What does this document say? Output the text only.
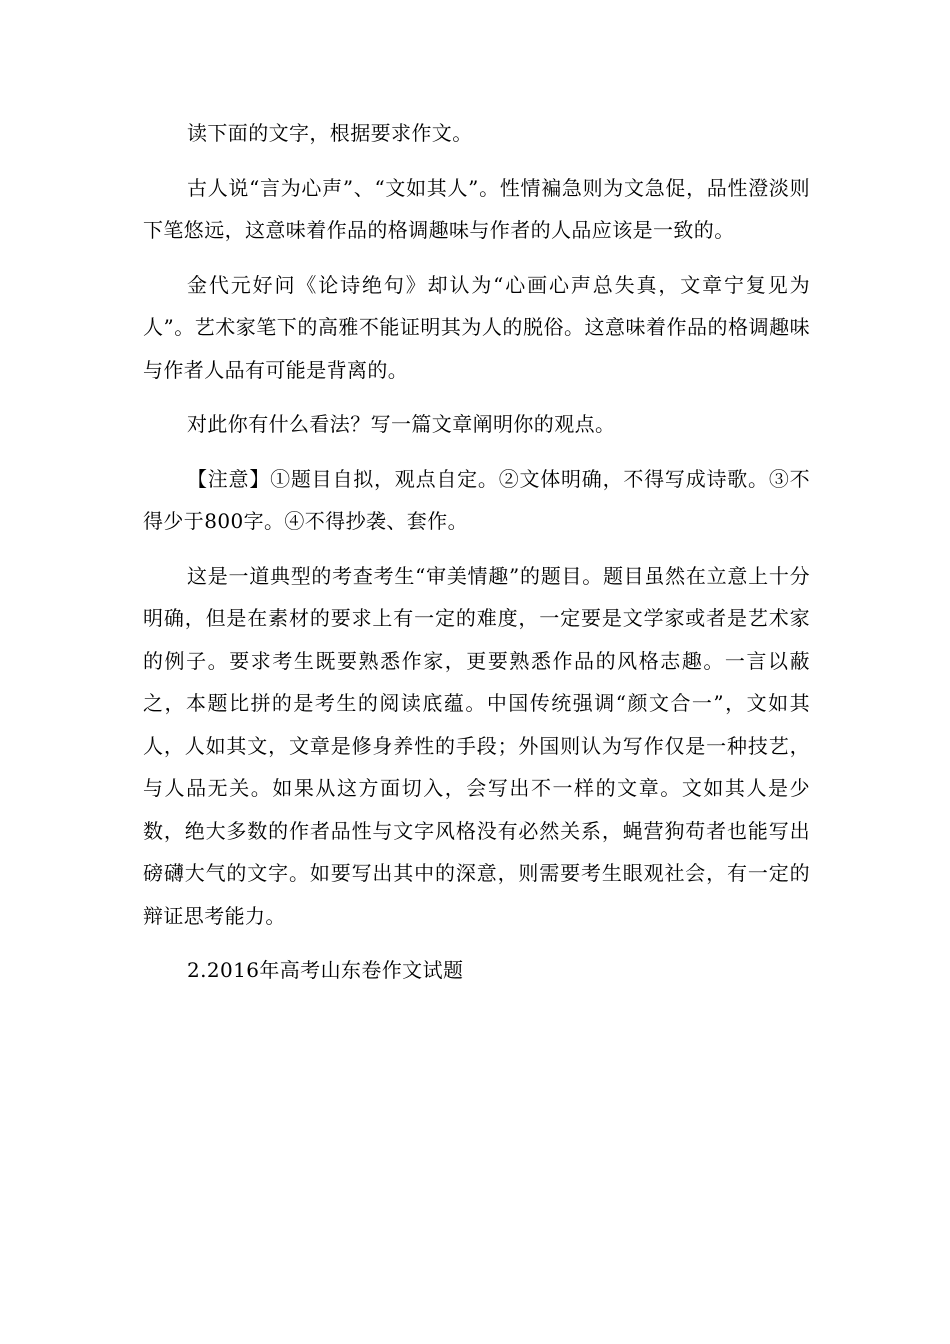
读下面的文字，根据要求作文。

古人说“言为心声”、“文如其人”。性情褊急则为文急促，品性澄淡则下笔悠远，这意味着作品的格调趣味与作者的人品应该是一致的。

金代元好问《论诗绝句》却认为“心画心声总失真，文章宁复见为人”。艺术家笔下的高雅不能证明其为人的脱俗。这意味着作品的格调趣味与作者人品有可能是背离的。

对此你有什么看法？写一篇文章阐明你的观点。

【注意】①题目自拟，观点自定。②文体明确，不得写成诗歌。③不得少于800字。④不得抄袭、套作。

这是一道典型的考查考生“审美情趣”的题目。题目虽然在立意上十分明确，但是在素材的要求上有一定的难度，一定要是文学家或者是艺术家的例子。要求考生既要熟悉作家，更要熟悉作品的风格志趣。一言以蔽之，本题比拼的是考生的阅读底蕴。中国传统强调“颜文合一”，文如其人，人如其文，文章是修身养性的手段；外国则认为写作仅是一种技艺，与人品无关。如果从这方面切入，会写出不一样的文章。文如其人是少数，绝大多数的作者品性与文字风格没有必然关系，蝇营狗苟者也能写出磅礴大气的文字。如要写出其中的深意，则需要考生眼观社会，有一定的辩证思考能力。

2.2016年高考山东卷作文试题
